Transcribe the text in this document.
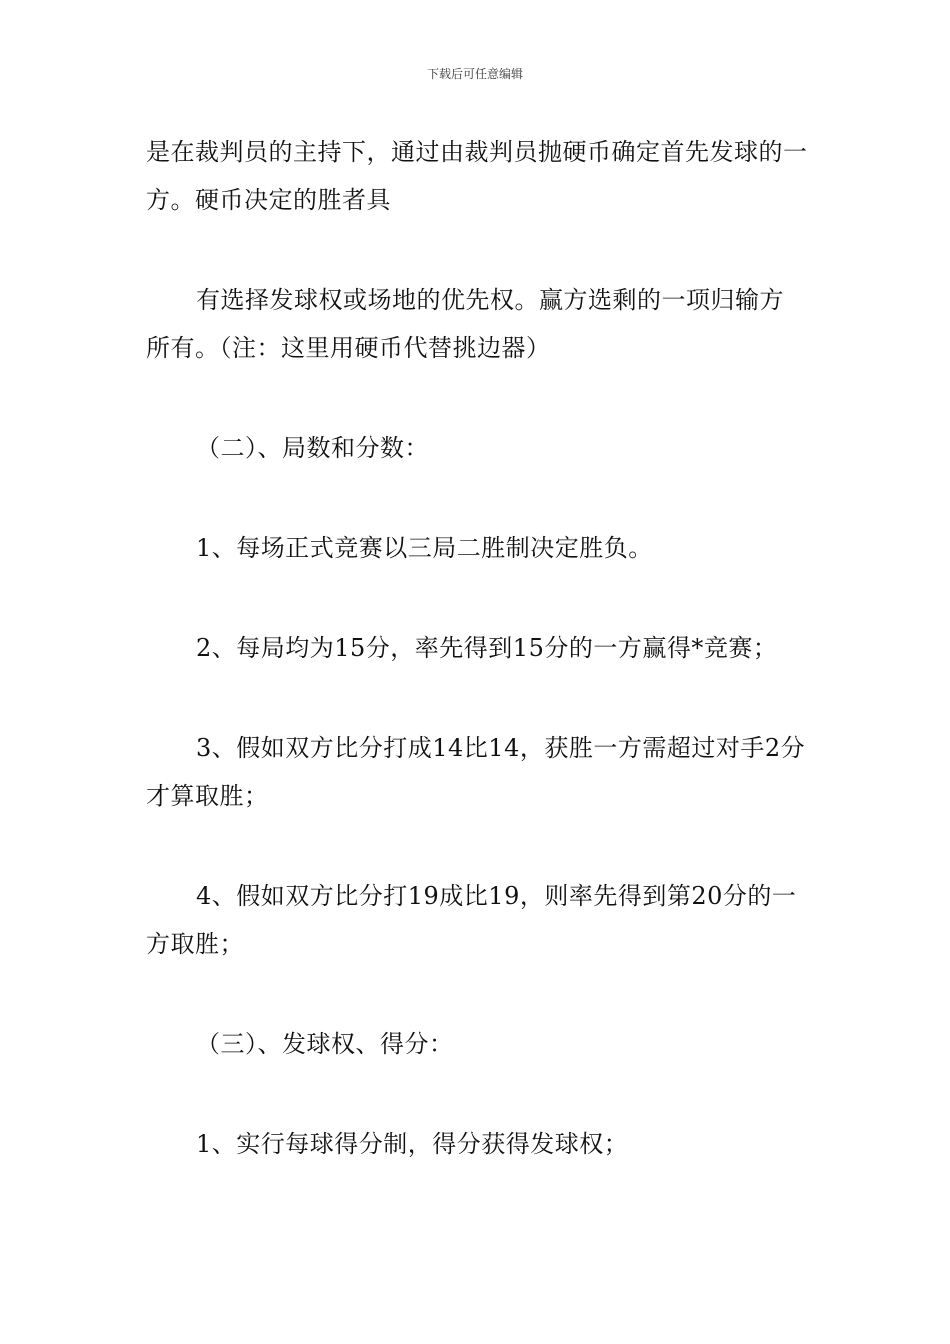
下载后可任意编辑

是在裁判员的主持下，通过由裁判员抛硬币确定首先发球的一方。硬币决定的胜者具

有选择发球权或场地的优先权。赢方选剩的一项归输方所有。（注：这里用硬币代替挑边器）

（二）、局数和分数：

1、每场正式竞赛以三局二胜制决定胜负。

2、每局均为15分，率先得到15分的一方赢得*竞赛；

3、假如双方比分打成14比14，获胜一方需超过对手2分才算取胜；

4、假如双方比分打19成比19，则率先得到第20分的一方取胜；

（三）、发球权、得分：

1、实行每球得分制，得分获得发球权；
